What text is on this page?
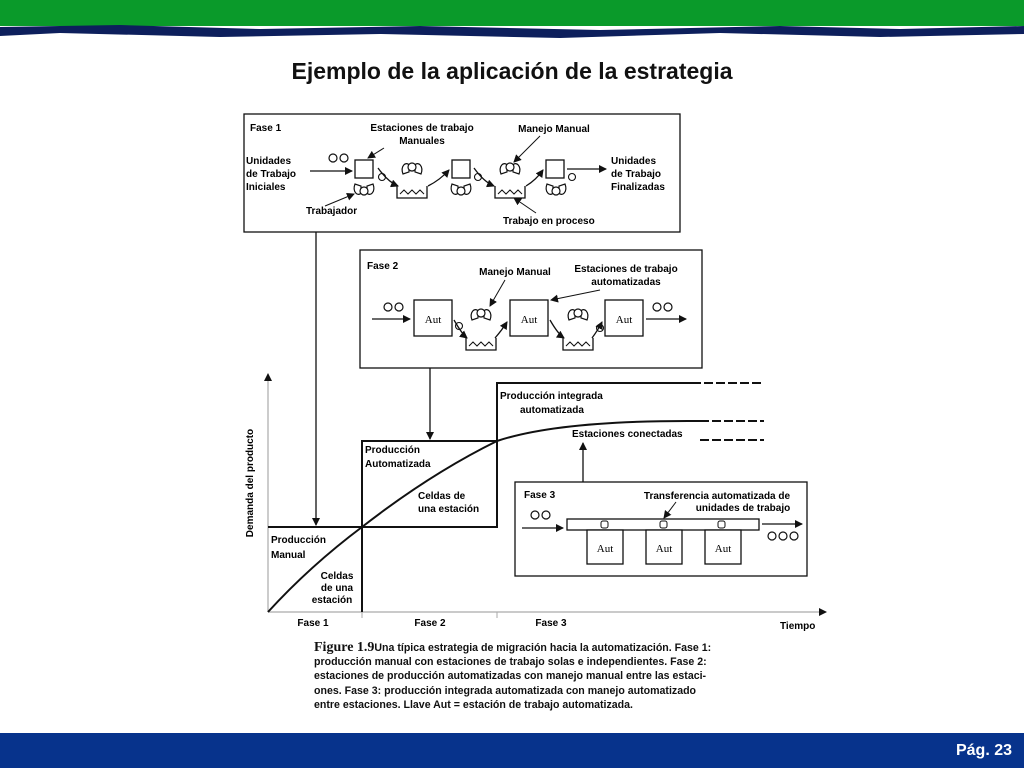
Ejemplo de la aplicación de la estrategia
Fase 1	Estaciones de trabajo
Manuales
Manejo Manual
Unidades
de Trabajo
Iniciales
Unidades
de Trabajo
Finalizadas
Trabajador
Trabajo en proceso
Fase 2
Manejo Manual Estaciones de trabajo
automatizadas
Aut	Aut	Aut
Demanda del producto
Tiempo
Fase 1	Fase 2	Fase 3
Producción
Manual
Celdas
de una
estación
Producción
Automatizada
Celdas de
una estación
Producción integrada
automatizada
Estaciones conectadas
Fase 3	Transferencia automatizada de
unidades de trabajo
Aut	Aut	Aut
Figure 1.9Una típica estrategia de migración hacia la automatización. Fase 1:
producción manual con estaciones de trabajo solas e independientes. Fase 2:
estaciones de producción automatizadas con manejo manual entre las estaci-
ones. Fase 3: producción integrada automatizada con manejo automatizado
entre estaciones. Llave Aut = estación de trabajo automatizada.
Pág. 23
